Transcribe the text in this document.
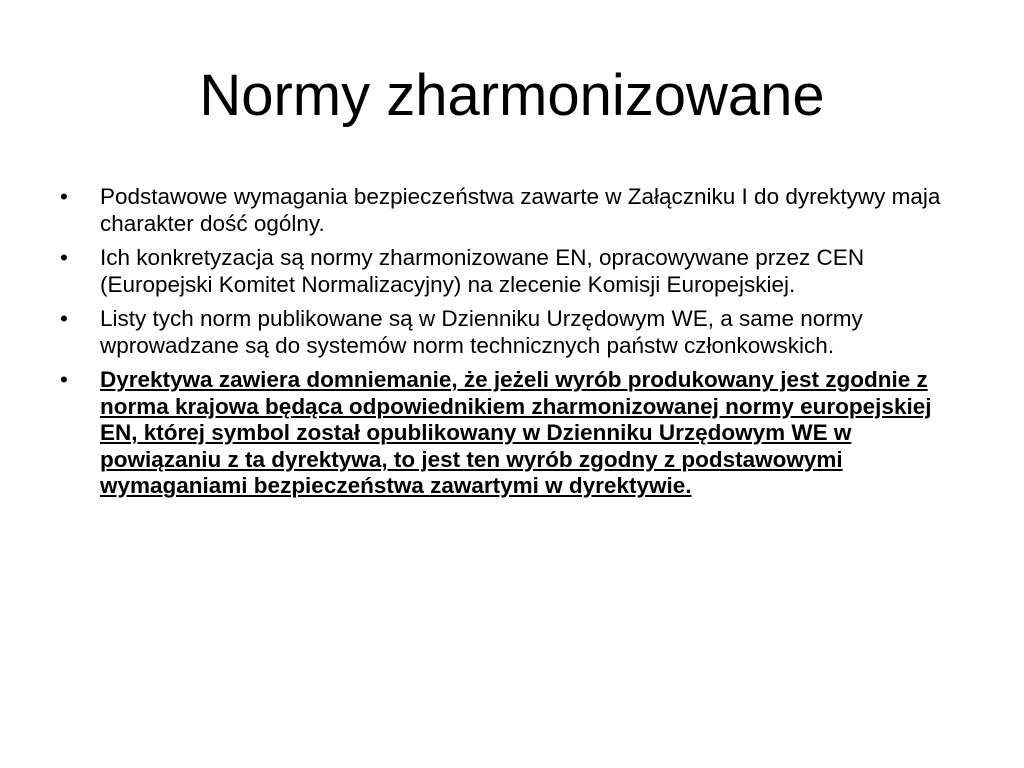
Normy zharmonizowane
•	Podstawowe wymagania bezpieczeństwa zawarte w Załączniku I do dyrektywy maja charakter dość ogólny.
•	Ich konkretyzacja są normy zharmonizowane EN, opracowywane przez CEN (Europejski Komitet Normalizacyjny) na zlecenie Komisji Europejskiej.
•	Listy tych norm publikowane są w Dzienniku Urzędowym WE, a same normy wprowadzane są do systemów norm technicznych państw członkowskich.
•	Dyrektywa zawiera domniemanie, że jeżeli wyrób produkowany jest zgodnie z norma krajowa będąca odpowiednikiem zharmonizowanej normy europejskiej EN, której symbol został opublikowany w Dzienniku Urzędowym WE w powiązaniu z ta dyrektywa, to jest ten wyrób zgodny z podstawowymi wymaganiami bezpieczeństwa zawartymi w dyrektywie.
